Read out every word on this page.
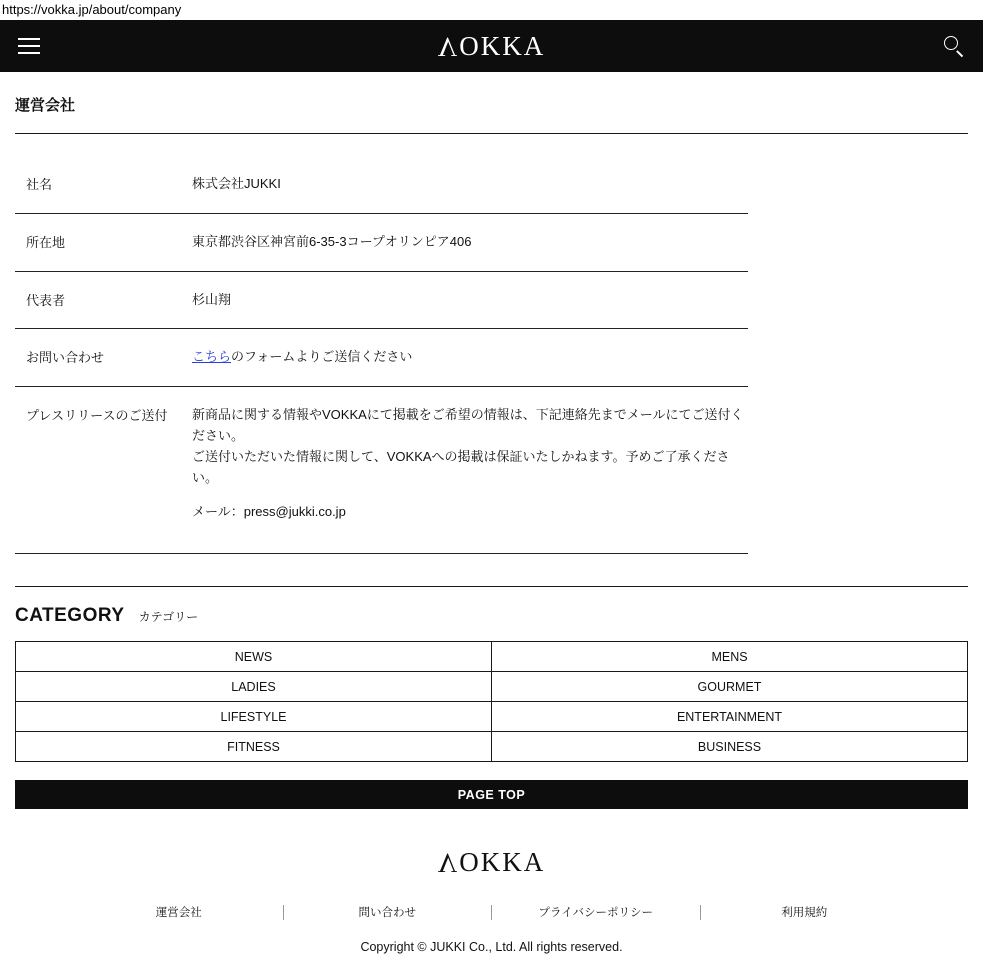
https://vokka.jp/about/company
VOKKA
運営会社
社名	株式会社JUKKI
所在地	東京都渋谷区神宮前6-35-3コープオリンピア406
代表者	杉山翔
お問い合わせ	こちらのフォームよりご送信ください
プレスリリースのご送付	新商品に関する情報やVOKKAにて掲載をご希望の情報は、下記連絡先までメールにてご送付ください。
ご送付いただいた情報に関して、VOKKAへの掲載は保証いたしかねます。予めご了承ください。
メール：press@jukki.co.jp
CATEGORY カテゴリー
NEWS	MENS
LADIES	GOURMET
LIFESTYLE	ENTERTAINMENT
FITNESS	BUSINESS
PAGE TOP
VOKKA
運営会社	問い合わせ	プライバシーポリシー	利用規約
Copyright © JUKKI Co., Ltd. All rights reserved.
